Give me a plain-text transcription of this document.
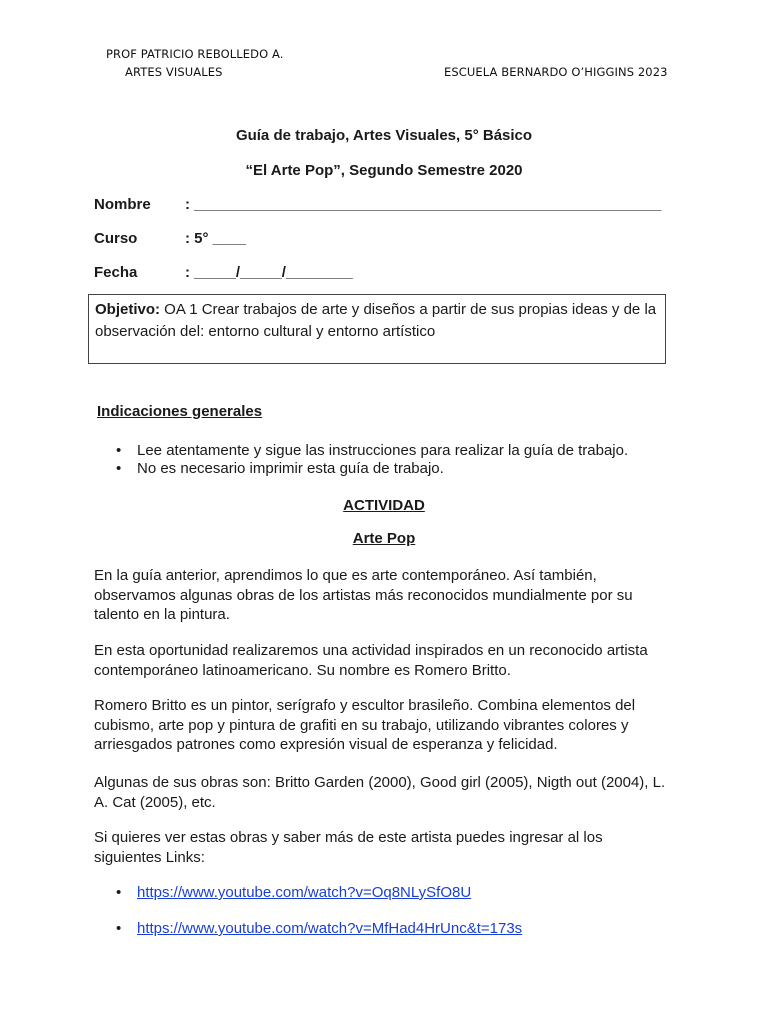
PROF PATRICIO REBOLLEDO A.
ARTES VISUALES	ESCUELA BERNARDO O’HIGGINS 2023
Guía de trabajo, Artes Visuales, 5° Básico
“El Arte Pop”, Segundo Semestre 2020
Nombre : ________________________________________________________
Curso	: 5° ____
Fecha	: _____/_____/________
Objetivo: OA 1 Crear trabajos de arte y diseños a partir de sus propias ideas y de la observación del: entorno cultural y entorno artístico
Indicaciones generales
• Lee atentamente y sigue las instrucciones para realizar la guía de trabajo.
• No es necesario imprimir esta guía de trabajo.
ACTIVIDAD
Arte Pop
En la guía anterior, aprendimos lo que es arte contemporáneo. Así también, observamos algunas obras de los artistas más reconocidos mundialmente por su talento en la pintura.
En esta oportunidad realizaremos una actividad inspirados en un reconocido artista contemporáneo latinoamericano. Su nombre es Romero Britto.
Romero Britto es un pintor, serígrafo y escultor brasileño. Combina elementos del cubismo, arte pop y pintura de grafiti en su trabajo, utilizando vibrantes colores y arriesgados patrones como expresión visual de esperanza y felicidad.
Algunas de sus obras son: Britto Garden (2000), Good girl (2005), Nigth out (2004), L. A. Cat (2005), etc.
Si quieres ver estas obras y saber más de este artista puedes ingresar al los siguientes Links:
• https://www.youtube.com/watch?v=Oq8NLySfO8U
• https://www.youtube.com/watch?v=MfHad4HrUnc&t=173s
